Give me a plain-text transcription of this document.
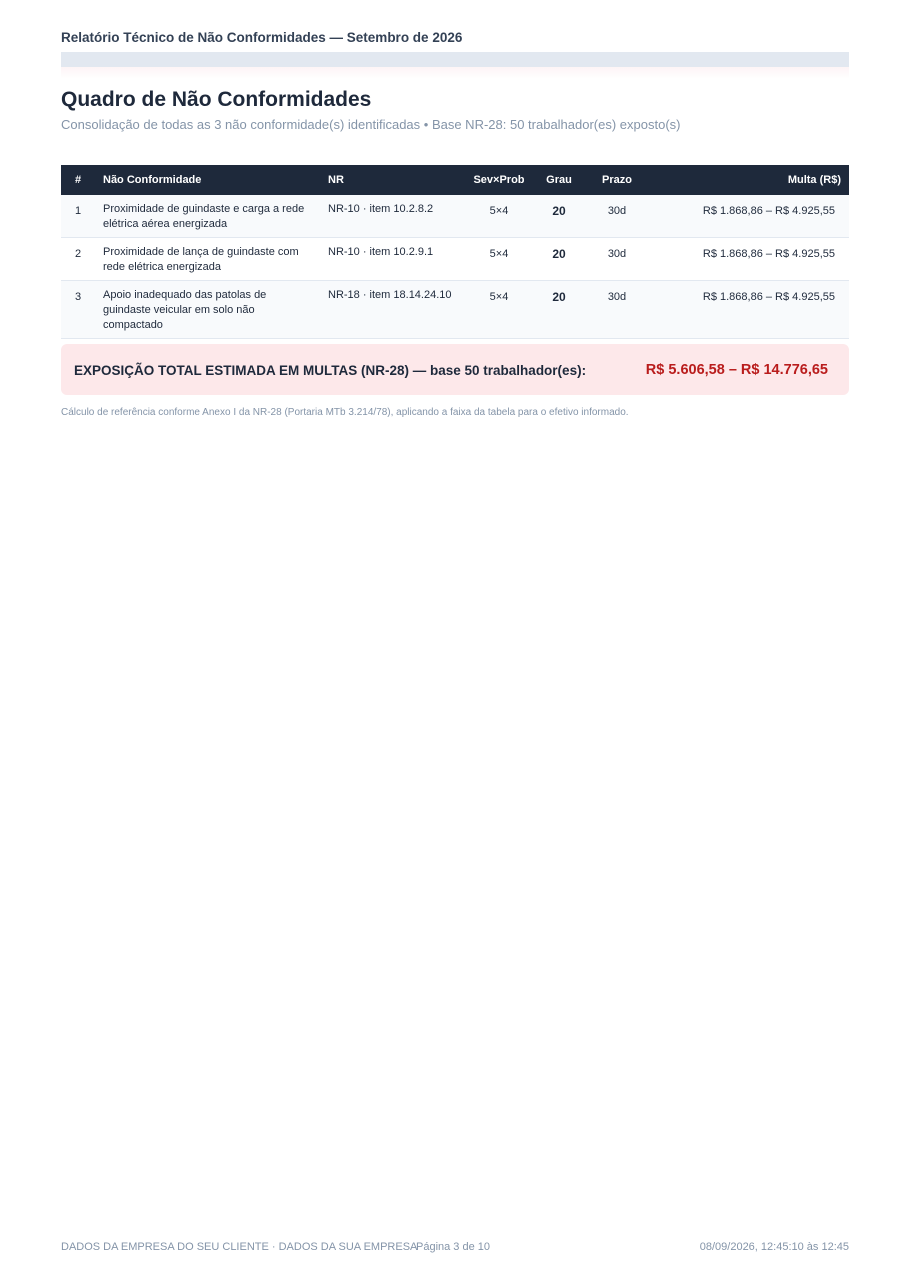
Relatório Técnico de Não Conformidades — Setembro de 2026
Quadro de Não Conformidades
Consolidação de todas as 3 não conformidade(s) identificadas • Base NR-28: 50 trabalhador(es) exposto(s)
#	Não Conformidade	NR	Sev×Prob	Grau	Prazo	Multa (R$)
1	Proximidade de guindaste e carga a rede elétrica aérea energizada	NR-10 · item 10.2.8.2	5×4	20	30d	R$ 1.868,86 – R$ 4.925,55
2	Proximidade de lança de guindaste com rede elétrica energizada	NR-10 · item 10.2.9.1	5×4	20	30d	R$ 1.868,86 – R$ 4.925,55
3	Apoio inadequado das patolas de guindaste veicular em solo não compactado	NR-18 · item 18.14.24.10	5×4	20	30d	R$ 1.868,86 – R$ 4.925,55
EXPOSIÇÃO TOTAL ESTIMADA EM MULTAS (NR-28) — base 50 trabalhador(es):	R$ 5.606,58 – R$ 14.776,65
Cálculo de referência conforme Anexo I da NR-28 (Portaria MTb 3.214/78), aplicando a faixa da tabela para o efetivo informado.
DADOS DA EMPRESA DO SEU CLIENTE · DADOS DA SUA EMPRESA
Página 3 de 10	08/09/2026, 12:45:10 às 12:45
